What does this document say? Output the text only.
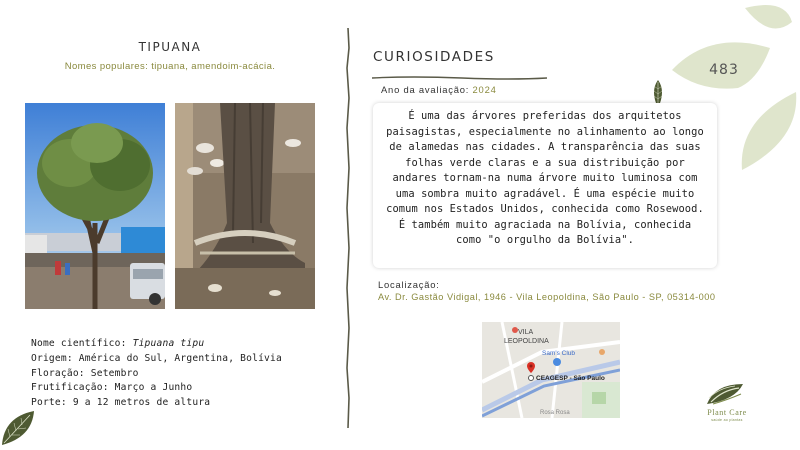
TIPUANA
Nomes populares: tipuana, amendoim-acácia.
Nome científico: Tipuana tipu
Origem: América do Sul, Argentina, Bolívia
Floração: Setembro
Frutificação: Março a Junho
Porte: 9 a 12 metros de altura
CURIOSIDADES
Ano da avaliação: 2024

É uma das árvores preferidas dos arquitetos paisagistas, especialmente no alinhamento ao longo de alamedas nas cidades. A transparência das suas folhas verde claras e a sua distribuição por andares tornam-na numa árvore muito luminosa com uma sombra muito agradável. É uma espécie muito comum nos Estados Unidos, conhecida como Rosewood. É também muito agraciada na Bolívia, conhecida como "o orgulho da Bolívia".

Localização:
Av. Dr. Gastão Vidigal, 1946 - Vila Leopoldina, São Paulo - SP, 05314-000
VILA
LEOPOLDINA
Sam's Club
CEAGESP - São Paulo
Rosa Rosa
483
Plant Care
saúde ao plantas
